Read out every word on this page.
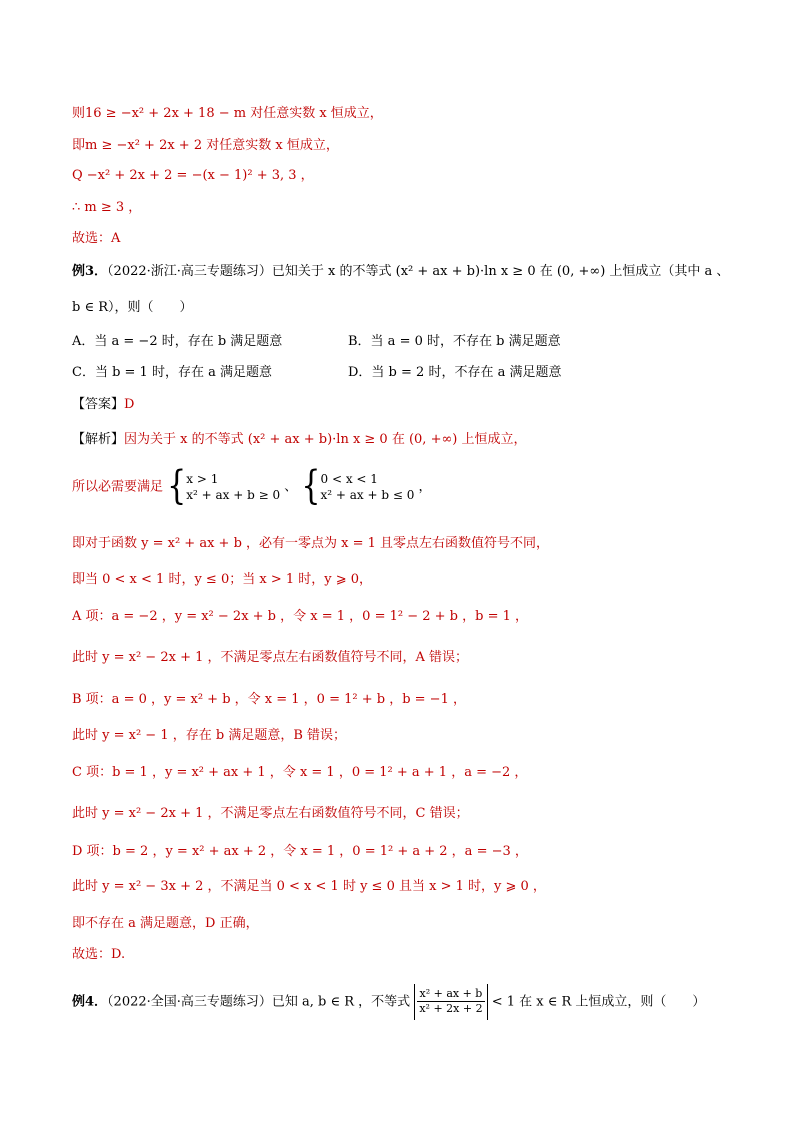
则16 ≥ −x² + 2x + 18 − m 对任意实数 x 恒成立，
即m ≥ −x² + 2x + 2 对任意实数 x 恒成立，
Q −x² + 2x + 2 = −(x − 1)² + 3, 3 ，
∴ m ≥ 3 ，
故选：A
例3．（2022·浙江·高三专题练习）已知关于 x 的不等式 (x² + ax + b)·ln x ≥ 0 在 (0, +∞) 上恒成立（其中 a 、
b ∈ R），则（　　）
A．当 a = −2 时，存在 b 满足题意	B．当 a = 0 时，不存在 b 满足题意
C．当 b = 1 时，存在 a 满足题意	D．当 b = 2 时，不存在 a 满足题意
【答案】D
【解析】因为关于 x 的不等式 (x² + ax + b)·ln x ≥ 0 在 (0, +∞) 上恒成立，
所以必需要满足 { x > 1
x² + ax + b ≥ 0 、 { 0 < x < 1
x² + ax + b ≤ 0 ，
即对于函数 y = x² + ax + b ，必有一零点为 x = 1 且零点左右函数值符号不同，
即当 0 < x < 1 时，y ≤ 0；当 x > 1 时，y ⩾ 0，
A 项：a = −2 ，y = x² − 2x + b ，令 x = 1 ，0 = 1² − 2 + b ，b = 1 ，
此时 y = x² − 2x + 1 ，不满足零点左右函数值符号不同，A 错误；
B 项：a = 0 ，y = x² + b ，令 x = 1 ，0 = 1² + b ，b = −1 ，
此时 y = x² − 1 ，存在 b 满足题意，B 错误；
C 项：b = 1 ，y = x² + ax + 1 ，令 x = 1 ，0 = 1² + a + 1 ，a = −2 ，
此时 y = x² − 2x + 1 ，不满足零点左右函数值符号不同，C 错误；
D 项：b = 2 ，y = x² + ax + 2 ，令 x = 1 ，0 = 1² + a + 2 ，a = −3 ，
此时 y = x² − 3x + 2 ，不满足当 0 < x < 1 时 y ≤ 0 且当 x > 1 时，y ⩾ 0 ，
即不存在 a 满足题意，D 正确，
故选：D.
例4．（2022·全国·高三专题练习）已知 a, b ∈ R ，不等式 $\frac{\text{x² + ax + b}}{\text{x² + 2x + 2}} < 1$ 在 x ∈ R 上恒成立，则（　　）
